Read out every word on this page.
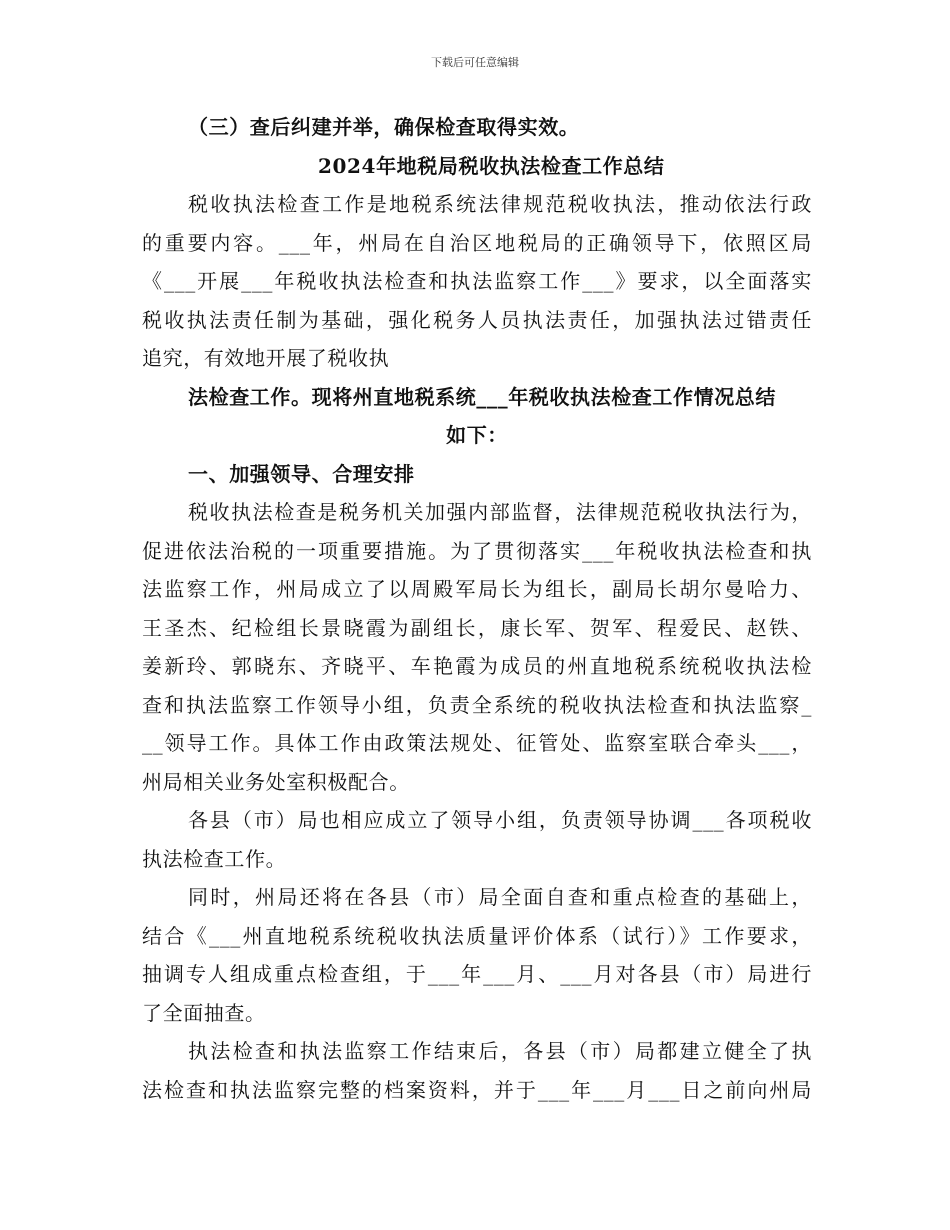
下载后可任意编辑
（三）查后纠建并举，确保检查取得实效。
2024年地税局税收执法检查工作总结
税收执法检查工作是地税系统法律规范税收执法，推动依法行政
的重要内容。___年，州局在自治区地税局的正确领导下，依照区局
《___开展___年税收执法检查和执法监察工作___》要求，以全面落实
税收执法责任制为基础，强化税务人员执法责任，加强执法过错责任
追究，有效地开展了税收执
法检查工作。现将州直地税系统___年税收执法检查工作情况总结
如下：
一、加强领导、合理安排
税收执法检查是税务机关加强内部监督，法律规范税收执法行为，
促进依法治税的一项重要措施。为了贯彻落实___年税收执法检查和执
法监察工作，州局成立了以周殿军局长为组长，副局长胡尔曼哈力、
王圣杰、纪检组长景晓霞为副组长，康长军、贺军、程爱民、赵铁、
姜新玲、郭晓东、齐晓平、车艳霞为成员的州直地税系统税收执法检
查和执法监察工作领导小组，负责全系统的税收执法检查和执法监察_
__领导工作。具体工作由政策法规处、征管处、监察室联合牵头___，
州局相关业务处室积极配合。
各县（市）局也相应成立了领导小组，负责领导协调___各项税收
执法检查工作。
同时，州局还将在各县（市）局全面自查和重点检查的基础上，
结合《___州直地税系统税收执法质量评价体系（试行）》工作要求，
抽调专人组成重点检查组，于___年___月、___月对各县（市）局进行
了全面抽查。
执法检查和执法监察工作结束后，各县（市）局都建立健全了执
法检查和执法监察完整的档案资料，并于___年___月___日之前向州局
